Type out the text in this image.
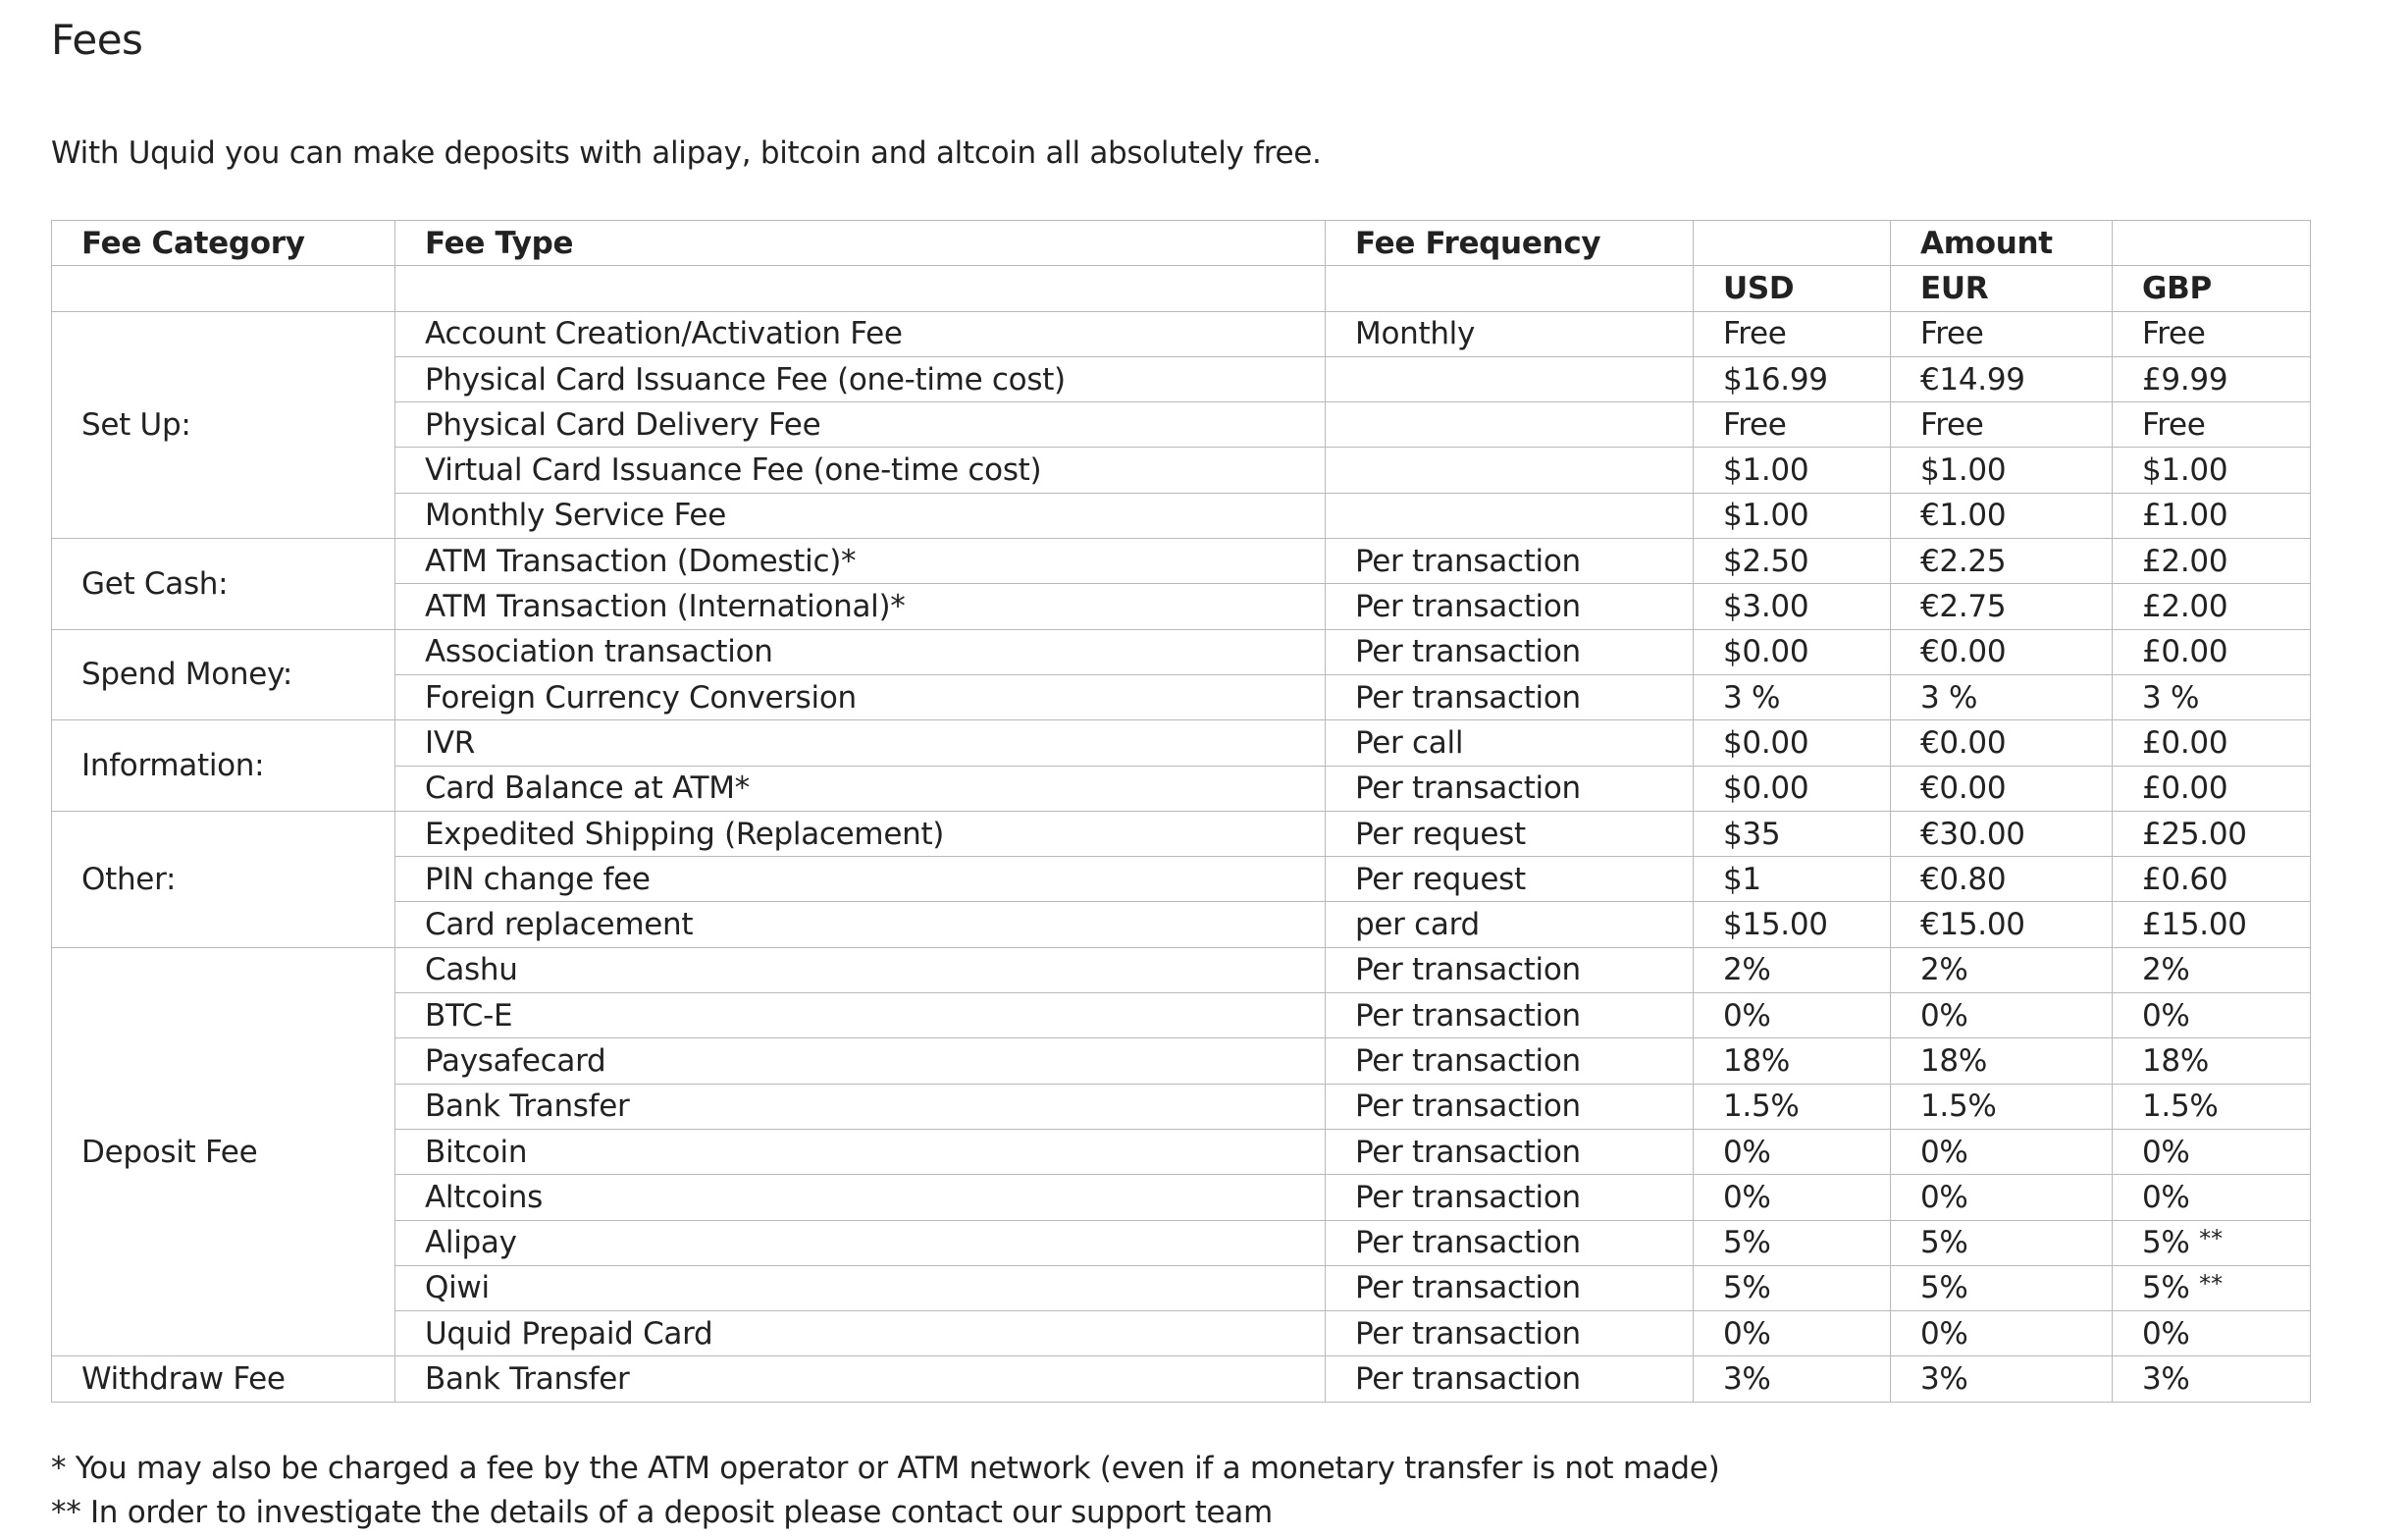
Fees

With Uquid you can make deposits with alipay, bitcoin and altcoin all absolutely free.

Fee Category	Fee Type	Fee Frequency		Amount	
			USD	EUR	GBP
Set Up:	Account Creation/Activation Fee	Monthly	Free	Free	Free
	Physical Card Issuance Fee (one-time cost)		$16.99	€14.99	£9.99
	Physical Card Delivery Fee		Free	Free	Free
	Virtual Card Issuance Fee (one-time cost)		$1.00	$1.00	$1.00
	Monthly Service Fee		$1.00	€1.00	£1.00
Get Cash:	ATM Transaction (Domestic)*	Per transaction	$2.50	€2.25	£2.00
	ATM Transaction (International)*	Per transaction	$3.00	€2.75	£2.00
Spend Money:	Association transaction	Per transaction	$0.00	€0.00	£0.00
	Foreign Currency Conversion	Per transaction	3 %	3 %	3 %
Information:	IVR	Per call	$0.00	€0.00	£0.00
	Card Balance at ATM*	Per transaction	$0.00	€0.00	£0.00
Other:	Expedited Shipping (Replacement)	Per request	$35	€30.00	£25.00
	PIN change fee	Per request	$1	€0.80	£0.60
	Card replacement	per card	$15.00	€15.00	£15.00
Deposit Fee	Cashu	Per transaction	2%	2%	2%
	BTC-E	Per transaction	0%	0%	0%
	Paysafecard	Per transaction	18%	18%	18%
	Bank Transfer	Per transaction	1.5%	1.5%	1.5%
	Bitcoin	Per transaction	0%	0%	0%
	Altcoins	Per transaction	0%	0%	0%
	Alipay	Per transaction	5%	5%	5% **
	Qiwi	Per transaction	5%	5%	5% **
	Uquid Prepaid Card	Per transaction	0%	0%	0%
Withdraw Fee	Bank Transfer	Per transaction	3%	3%	3%

* You may also be charged a fee by the ATM operator or ATM network (even if a monetary transfer is not made)

** In order to investigate the details of a deposit please contact our support team
